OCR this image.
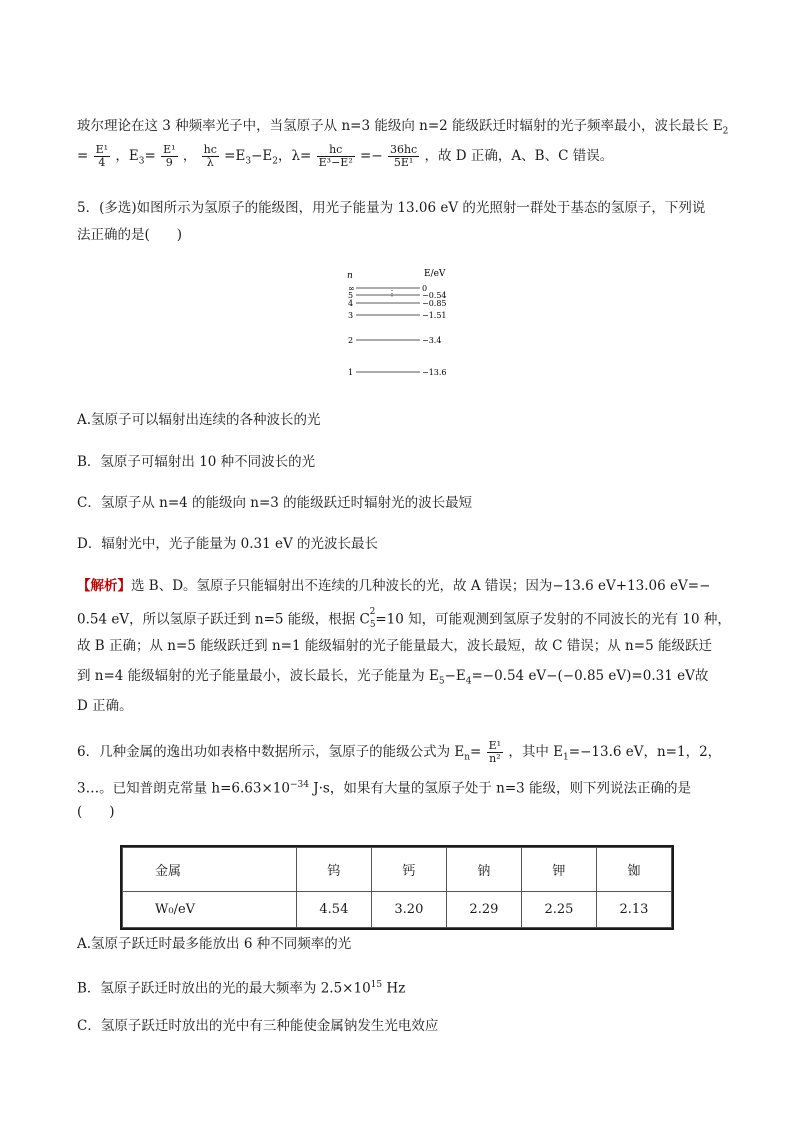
玻尔理论在这 3 种频率光子中，当氢原子从 n=3 能级向 n=2 能级跃迁时辐射的光子频率最小，波长最长 $E_2$
= $\frac{\text{E¹}}{4}$ ，$E_3= \frac{\text{E¹}}{9}$ ， $\frac{hc}{\lambda} =E_3-E_2$，$\lambda= \frac{hc}{\text{E³−E²}} =- \frac{36hc}{\text{5E¹}}$ ，故 D 正确，A、B、C 错误。
5．(多选)如图所示为氢原子的能级图，用光子能量为 13.06 eV 的光照射一群处于基态的氢原子，下列说
法正确的是(　　)
n	E/eV
⋮
∞	0
5	−0.54
4	−0.85
3	−1.51
2	−3.4
1	−13.6
A.氢原子可以辐射出连续的各种波长的光
B．氢原子可辐射出 10 种不同波长的光
C．氢原子从 n=4 的能级向 n=3 的能级跃迁时辐射光的波长最短
D．辐射光中，光子能量为 0.31 eV 的光波长最长
【解析】选 B、D。氢原子只能辐射出不连续的几种波长的光，故 A 错误；因为−13.6 eV+13.06 eV=−
0.54 eV，所以氢原子跃迁到 n=5 能级，根据 $C_5^2=10$ 知，可能观测到氢原子发射的不同波长的光有 10 种，
故 B 正确；从 n=5 能级跃迁到 n=1 能级辐射的光子能量最大，波长最短，故 C 错误；从 n=5 能级跃迁
到 n=4 能级辐射的光子能量最小，波长最长，光子能量为 $E_5-E_4=-0.54$ eV−(−0.85 eV)=0.31 eV故
D 正确。
6．几种金属的逸出功如表格中数据所示，氢原子的能级公式为 $E_n= \frac{\text{E¹}}{\text{n²}}$ ，其中 $E_1=-13.6$ eV，n=1，2，
3…。已知普朗克常量 $h=6.63\times 10^{-34}$ J·s，如果有大量的氢原子处于 n=3 能级，则下列说法正确的是
(　　)
金属	钨	钙	钠	钾	铷
W₀/eV	4.54	3.20	2.29	2.25	2.13
A.氢原子跃迁时最多能放出 6 种不同频率的光
B．氢原子跃迁时放出的光的最大频率为 $2.5\times 10^{15}$ Hz
C．氢原子跃迁时放出的光中有三种能使金属钠发生光电效应
